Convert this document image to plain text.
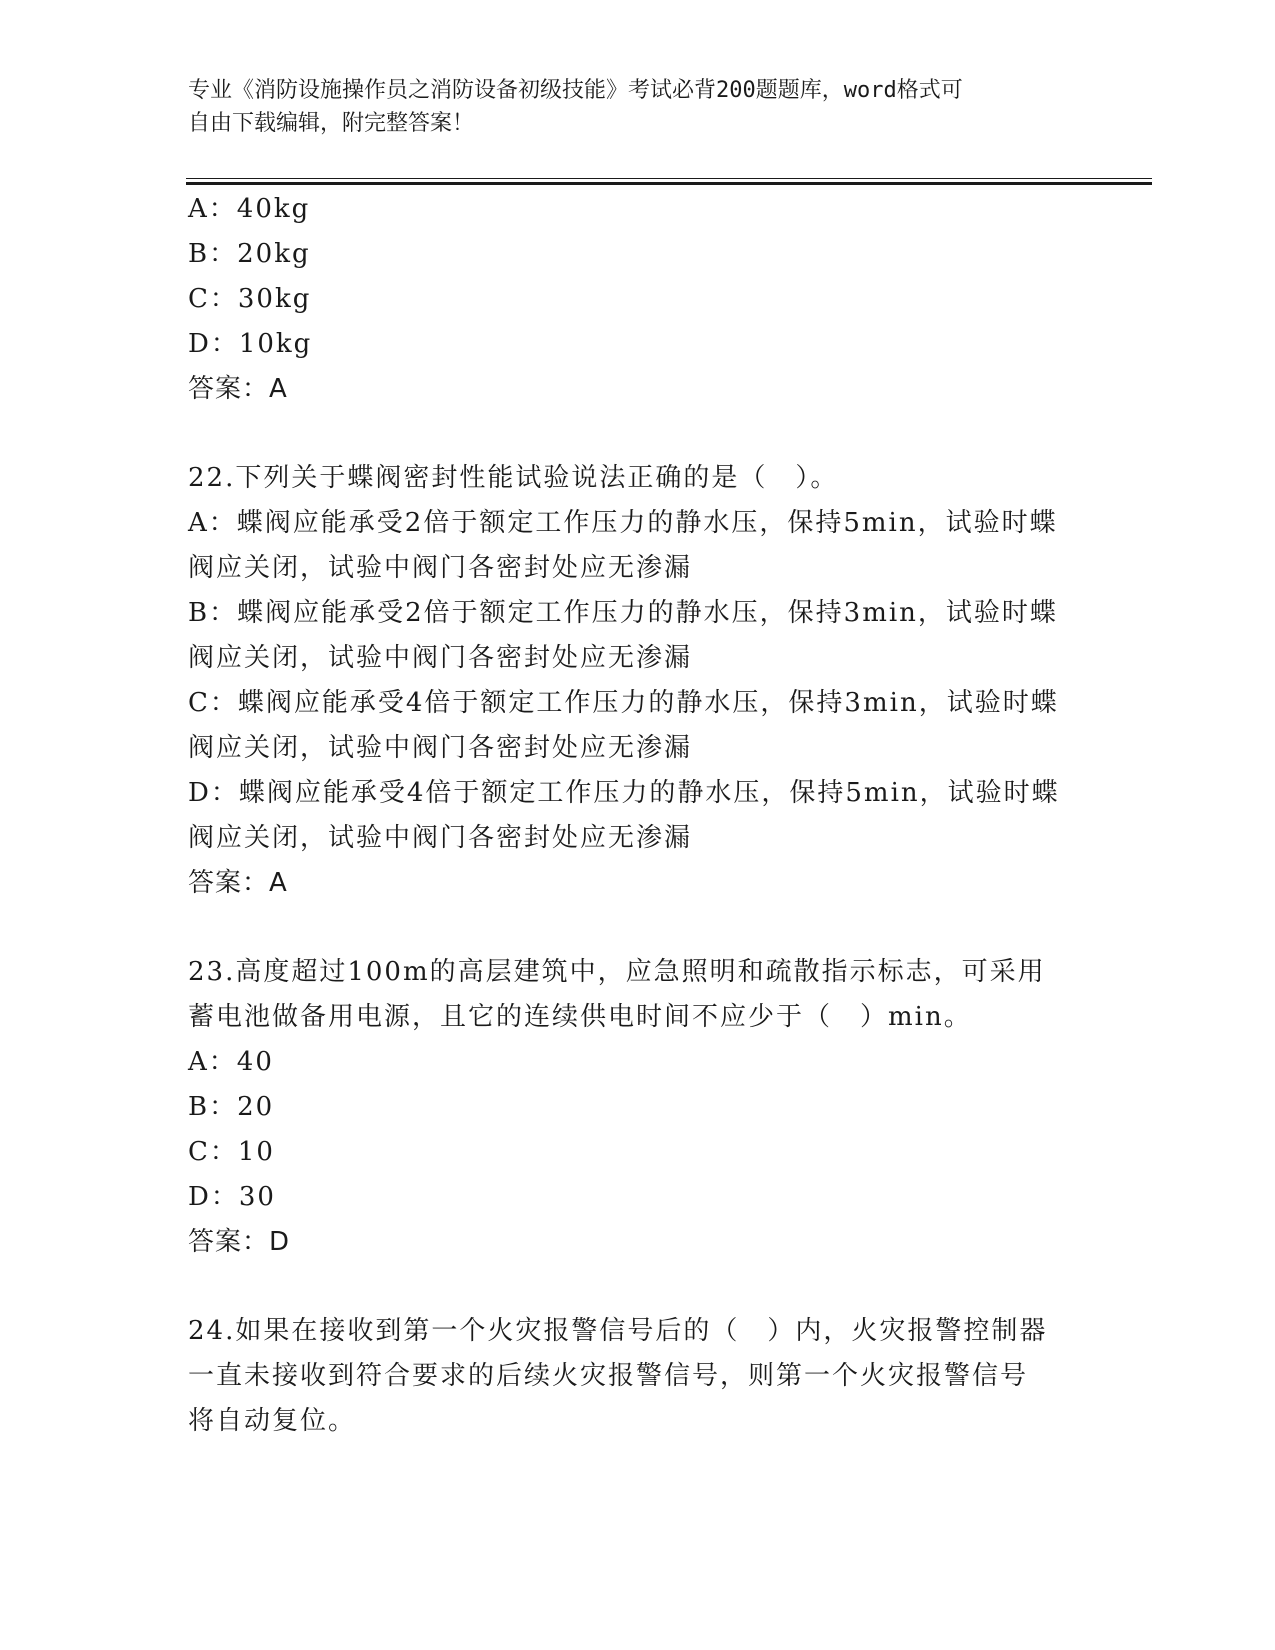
专业《消防设施操作员之消防设备初级技能》考试必背200题题库，word格式可
自由下载编辑，附完整答案！
A：40kg
B：20kg
C：30kg
D：10kg
答案：A
22.下列关于蝶阀密封性能试验说法正确的是（　）。
A：蝶阀应能承受2倍于额定工作压力的静水压，保持5min，试验时蝶
阀应关闭，试验中阀门各密封处应无渗漏
B：蝶阀应能承受2倍于额定工作压力的静水压，保持3min，试验时蝶
阀应关闭，试验中阀门各密封处应无渗漏
C：蝶阀应能承受4倍于额定工作压力的静水压，保持3min，试验时蝶
阀应关闭，试验中阀门各密封处应无渗漏
D：蝶阀应能承受4倍于额定工作压力的静水压，保持5min，试验时蝶
阀应关闭，试验中阀门各密封处应无渗漏
答案：A
23.高度超过100m的高层建筑中，应急照明和疏散指示标志，可采用
蓄电池做备用电源，且它的连续供电时间不应少于（　）min。
A：40
B：20
C：10
D：30
答案：D
24.如果在接收到第一个火灾报警信号后的（　）内，火灾报警控制器
一直未接收到符合要求的后续火灾报警信号，则第一个火灾报警信号
将自动复位。
